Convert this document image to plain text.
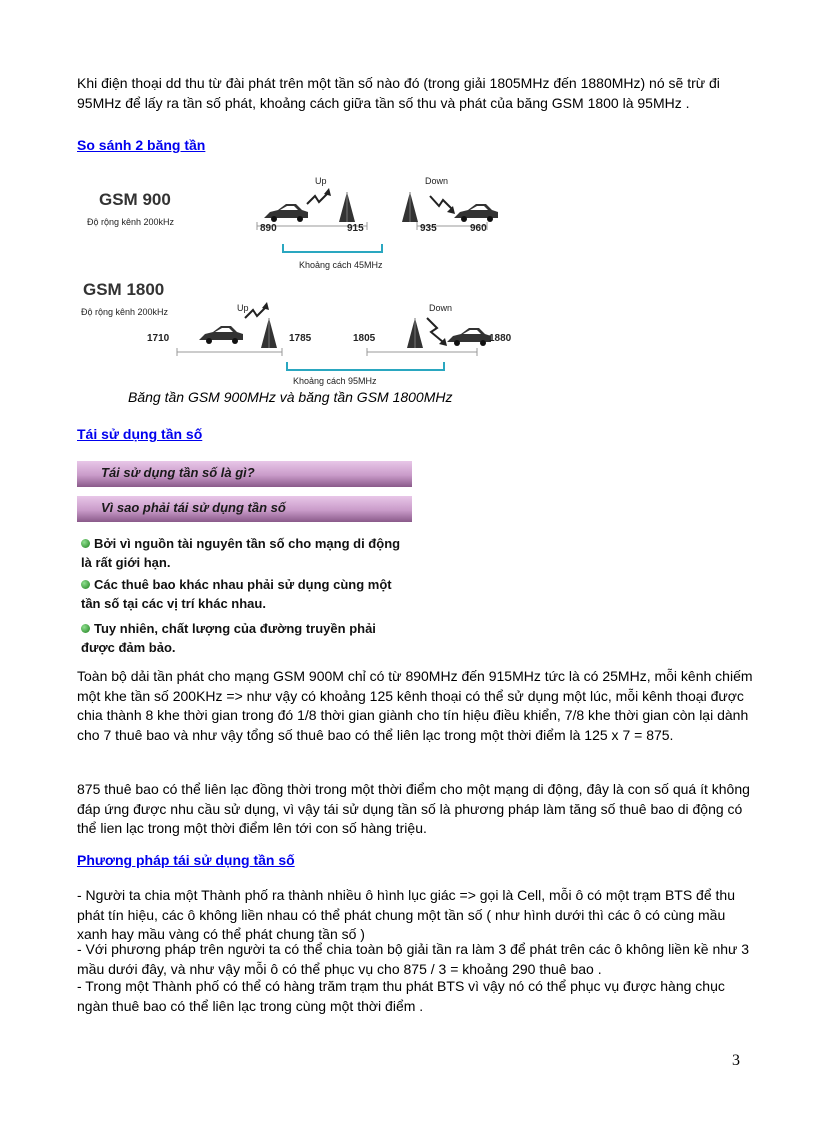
Khi điện thoại dd thu từ đài phát trên một tần số nào đó (trong giải 1805MHz đến 1880MHz) nó sẽ trừ đi 95MHz để lấy ra tần số phát, khoảng cách giữa tần số thu và phát của băng GSM 1800 là 95MHz .

So sánh 2 băng tần

GSM 900
Độ rộng kênh 200kHz
Up	Down
890	915	935	960
Khoảng cách 45MHz
GSM 1800
Độ rộng kênh 200kHz	Up	Down
1710	1785	1805	1880
Khoảng cách 95MHz

Băng tần GSM 900MHz và băng tần GSM 1800MHz

Tái sử dụng tần số

Tái sử dụng tần số là gì?
Vì sao phải tái sử dụng tần số
Bởi vì nguồn tài nguyên tần số cho mạng di động là rất giới hạn.
Các thuê bao khác nhau phải sử dụng cùng một tần số tại các vị trí khác nhau.
Tuy nhiên, chất lượng của đường truyền phải được đảm bảo.

Toàn bộ dải tần phát cho mạng GSM 900M chỉ có từ 890MHz đến 915MHz tức là có 25MHz, mỗi kênh chiếm một khe tần số 200KHz => như vậy có khoảng 125 kênh thoại có thể sử dụng một lúc, mỗi kênh thoại được chia thành 8 khe thời gian trong đó 1/8 thời gian giành cho tín hiệu điều khiển, 7/8 khe thời gian còn lại dành cho 7 thuê bao và như vậy tổng số thuê bao có thể liên lạc trong một thời điểm là 125 x 7 = 875.

875 thuê bao có thể liên lạc đồng thời trong một thời điểm cho một mạng di động, đây là con số quá ít không đáp ứng được nhu cầu sử dụng, vì vậy tái sử dụng tần số là phương pháp làm tăng số thuê bao di động có thể lien lạc trong một thời điểm lên tới con số hàng triệu.

Phương pháp tái sử dụng tần số

- Người ta chia một Thành phố ra thành nhiều ô hình lục giác => gọi là Cell, mỗi ô có một trạm BTS để thu phát tín hiệu, các ô không liền nhau có thể phát chung một tần số ( như hình dưới thì các ô có cùng mầu xanh hay mầu vàng có thể phát chung tần số )

- Với phương pháp trên người ta có thể chia toàn bộ giải tần ra làm 3 để phát trên các ô không liền kề như 3 mầu dưới đây, và như vậy mỗi ô có thể phục vụ cho 875 / 3 = khoảng 290 thuê bao .

- Trong một Thành phố có thể có hàng trăm trạm thu phát BTS vì vậy nó có thể phục vụ được hàng chục ngàn thuê bao có thể liên lạc trong cùng một thời điểm .

3
